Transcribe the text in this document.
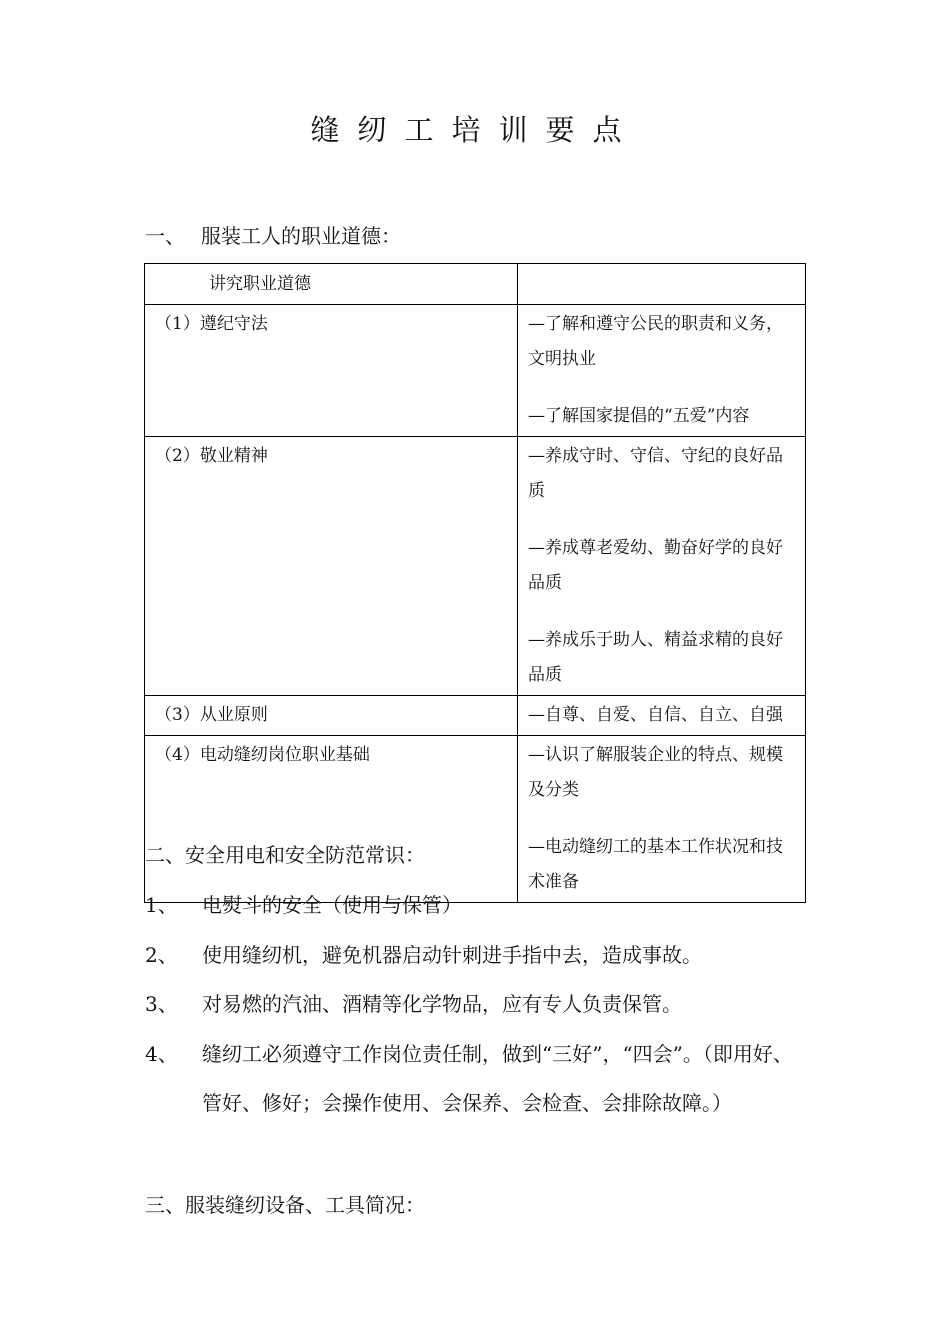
缝纫工培训要点
一、 服装工人的职业道德：
讲究职业道德	
（1）遵纪守法	—了解和遵守公民的职责和义务，文明执业

—了解国家提倡的“五爱”内容

（2）敬业精神	—养成守时、守信、守纪的良好品质

—养成尊老爱幼、勤奋好学的良好品质

—养成乐于助人、精益求精的良好品质

（3）从业原则	—自尊、自爱、自信、自立、自强

（4）电动缝纫岗位职业基础	—认识了解服装企业的特点、规模及分类

—电动缝纫工的基本工作状况和技术准备

二、安全用电和安全防范常识：
1、 电熨斗的安全（使用与保管）
2、 使用缝纫机，避免机器启动针刺进手指中去，造成事故。
3、 对易燃的汽油、酒精等化学物品，应有专人负责保管。
4、 缝纫工必须遵守工作岗位责任制，做到“三好”，“四会”。（即用好、管好、修好；会操作使用、会保养、会检查、会排除故障。）
三、服装缝纫设备、工具简况：
